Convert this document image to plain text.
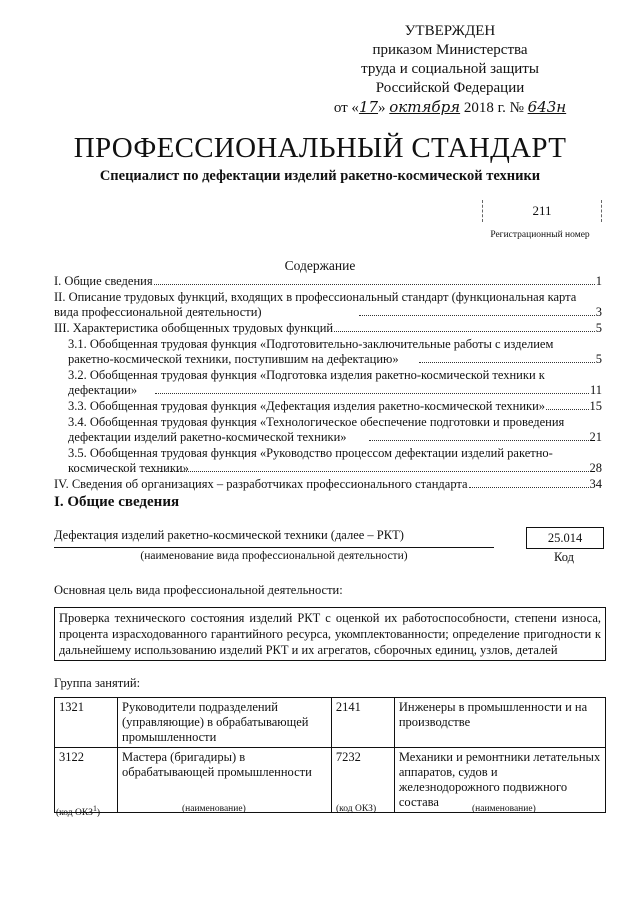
УТВЕРЖДЕН
приказом Министерства
труда и социальной защиты
Российской Федерации
от «17» октября 2018 г. № 643н
ПРОФЕССИОНАЛЬНЫЙ СТАНДАРТ
Специалист по дефектации изделий ракетно-космической техники
211
Регистрационный номер
Содержание
I. Общие сведения	1
II. Описание трудовых функций, входящих в профессиональный стандарт (функциональная карта вида профессиональной деятельности)	3
III. Характеристика обобщенных трудовых функций	5
3.1. Обобщенная трудовая функция «Подготовительно-заключительные работы с изделием ракетно-космической техники, поступившим на дефектацию»	5
3.2. Обобщенная трудовая функция «Подготовка изделия ракетно-космической техники к дефектации»	11
3.3. Обобщенная трудовая функция «Дефектация изделия ракетно-космической техники»	15
3.4. Обобщенная трудовая функция «Технологическое обеспечение подготовки и проведения дефектации изделий ракетно-космической техники»	21
3.5. Обобщенная трудовая функция «Руководство процессом дефектации изделий ракетно-космической техники»	28
IV. Сведения об организациях – разработчиках профессионального стандарта	34
I. Общие сведения
Дефектация изделий ракетно-космической техники (далее – РКТ)
(наименование вида профессиональной деятельности)
25.014
Код
Основная цель вида профессиональной деятельности:
Проверка технического состояния изделий РКТ с оценкой их работоспособности, степени износа, процента израсходованного гарантийного ресурса, укомплектованности; определение пригодности к дальнейшему использованию изделий РКТ и их агрегатов, сборочных единиц, узлов, деталей
Группа занятий:
1321	Руководители подразделений (управляющие) в обрабатывающей промышленности	2141	Инженеры в промышленности и на производстве
3122	Мастера (бригадиры) в обрабатывающей промышленности	7232	Механики и ремонтники летательных аппаратов, судов и железнодорожного подвижного состава
(код ОКЗ$^1$)	(наименование)	(код ОКЗ)	(наименование)
